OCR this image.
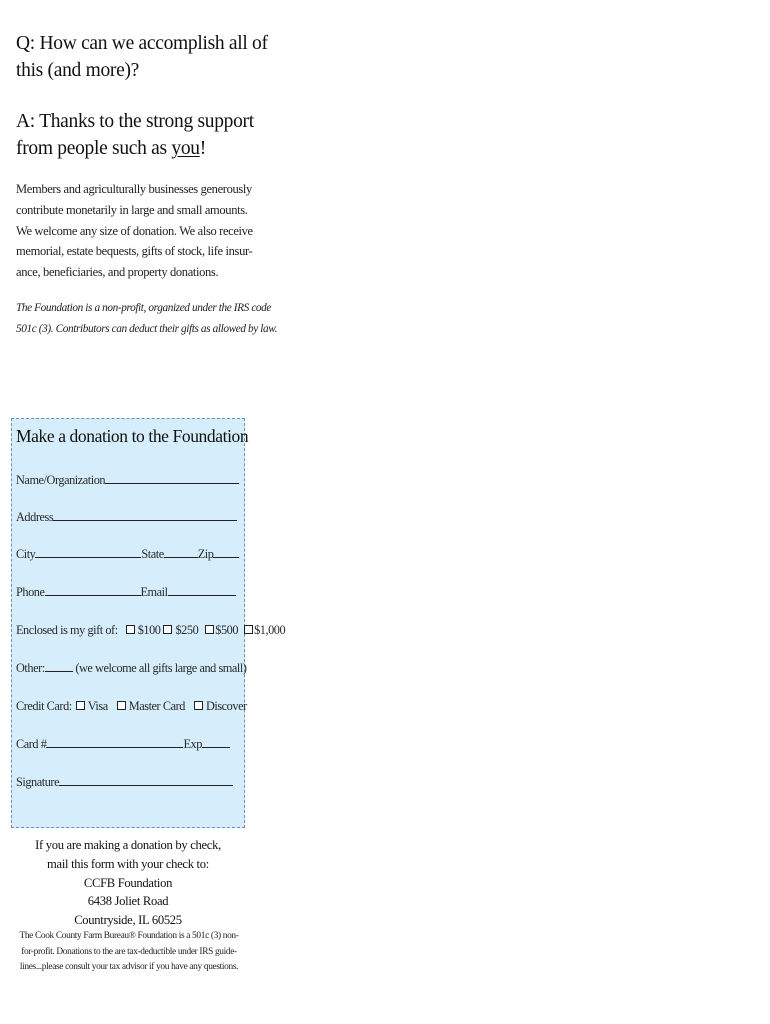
Q: How can we accomplish all of
this (and more)?
A: Thanks to the strong support
from people such as you!

Members and agriculturally businesses generously
contribute monetarily in large and small amounts.
We welcome any size of donation. We also receive
memorial, estate bequests, gifts of stock, life insur-
ance, beneficiaries, and property donations.

The Foundation is a non-profit, organized under the IRS code
501c (3). Contributors can deduct their gifts as allowed by law.

Make a donation to the Foundation
Name/Organization
Address
City	State	Zip
Phone	Email
Enclosed is my gift of: $100 $250 $500 $1,000
Other: (we welcome all gifts large and small)
Credit Card: Visa Master Card Discover
Card #	Exp
Signature

If you are making a donation by check,
mail this form with your check to:
CCFB Foundation
6438 Joliet Road
Countryside, IL 60525

The Cook County Farm Bureau® Foundation is a 501c (3) non-
for-profit. Donations to the are tax-deductible under IRS guide-
lines...please consult your tax advisor if you have any questions.
